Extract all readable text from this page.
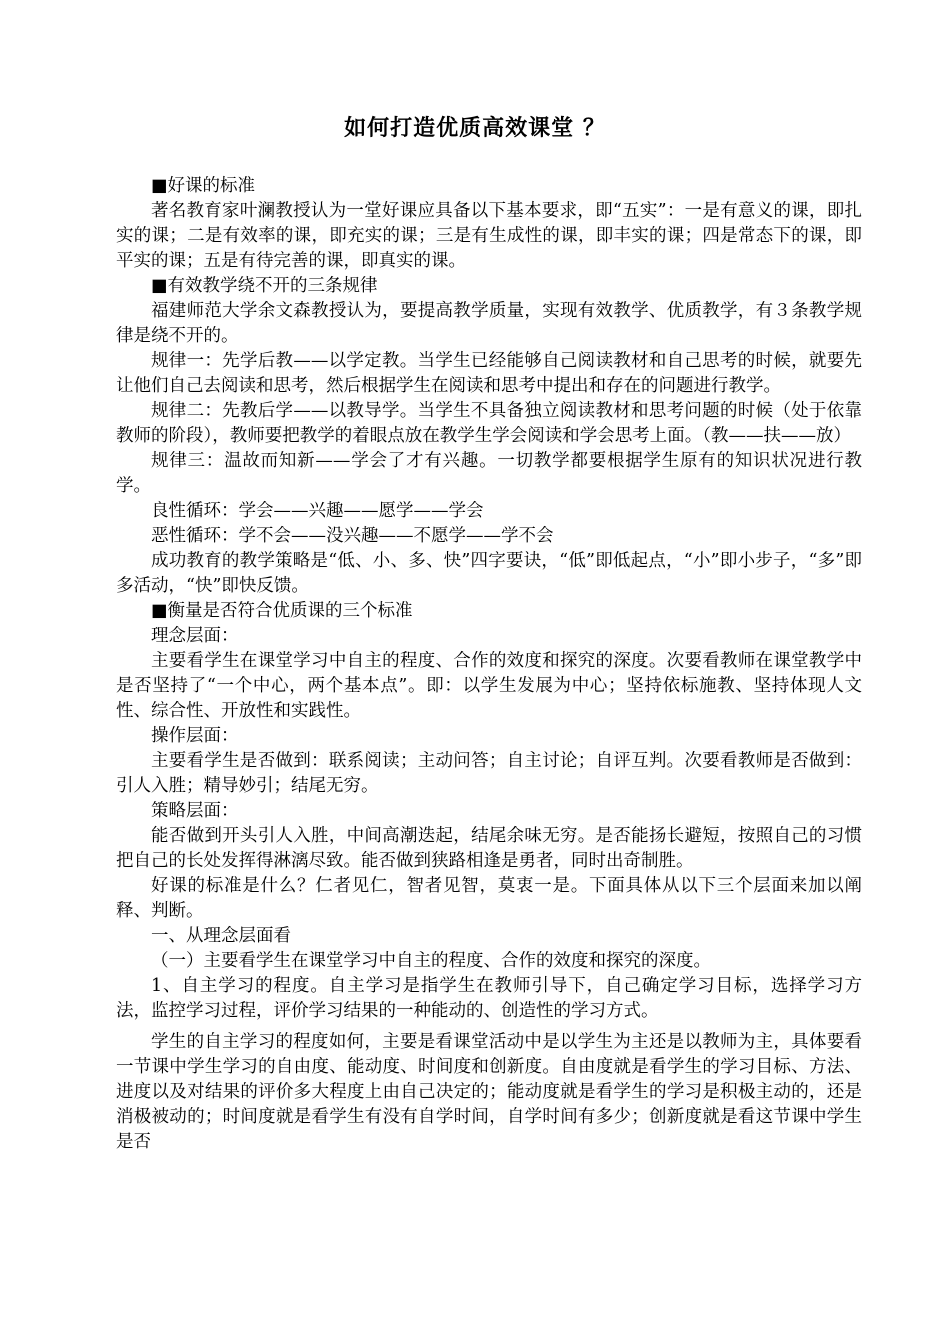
如何打造优质高效课堂 ？

■好课的标准

著名教育家叶澜教授认为一堂好课应具备以下基本要求，即“五实”：一是有意义的课，即扎实的课；二是有效率的课，即充实的课；三是有生成性的课，即丰实的课；四是常态下的课，即平实的课；五是有待完善的课，即真实的课。

■有效教学绕不开的三条规律

福建师范大学余文森教授认为，要提高教学质量，实现有效教学、优质教学，有３条教学规律是绕不开的。

规律一：先学后教——以学定教。当学生已经能够自己阅读教材和自己思考的时候，就要先让他们自己去阅读和思考，然后根据学生在阅读和思考中提出和存在的问题进行教学。

规律二：先教后学——以教导学。当学生不具备独立阅读教材和思考问题的时候（处于依靠教师的阶段），教师要把教学的着眼点放在教学生学会阅读和学会思考上面。（教——扶——放）

规律三：温故而知新——学会了才有兴趣。一切教学都要根据学生原有的知识状况进行教学。

良性循环：学会——兴趣——愿学——学会

恶性循环：学不会——没兴趣——不愿学——学不会

成功教育的教学策略是“低、小、多、快”四字要诀，“低”即低起点，“小”即小步子，“多”即多活动，“快”即快反馈。

■衡量是否符合优质课的三个标准

理念层面：

主要看学生在课堂学习中自主的程度、合作的效度和探究的深度。次要看教师在课堂教学中是否坚持了“一个中心，两个基本点”。即：以学生发展为中心；坚持依标施教、坚持体现人文性、综合性、开放性和实践性。

操作层面：

主要看学生是否做到：联系阅读；主动问答；自主讨论；自评互判。次要看教师是否做到：引人入胜；精导妙引；结尾无穷。

策略层面：

能否做到开头引人入胜，中间高潮迭起，结尾余味无穷。是否能扬长避短，按照自己的习惯把自己的长处发挥得淋漓尽致。能否做到狭路相逢是勇者，同时出奇制胜。

好课的标准是什么？仁者见仁，智者见智，莫衷一是。下面具体从以下三个层面来加以阐释、判断。

一、从理念层面看

（一）主要看学生在课堂学习中自主的程度、合作的效度和探究的深度。

1、自主学习的程度。自主学习是指学生在教师引导下，自己确定学习目标，选择学习方法，监控学习过程，评价学习结果的一种能动的、创造性的学习方式。

学生的自主学习的程度如何，主要是看课堂活动中是以学生为主还是以教师为主，具体要看一节课中学生学习的自由度、能动度、时间度和创新度。自由度就是看学生的学习目标、方法、进度以及对结果的评价多大程度上由自己决定的；能动度就是看学生的学习是积极主动的，还是消极被动的；时间度就是看学生有没有自学时间，自学时间有多少；创新度就是看这节课中学生是否
